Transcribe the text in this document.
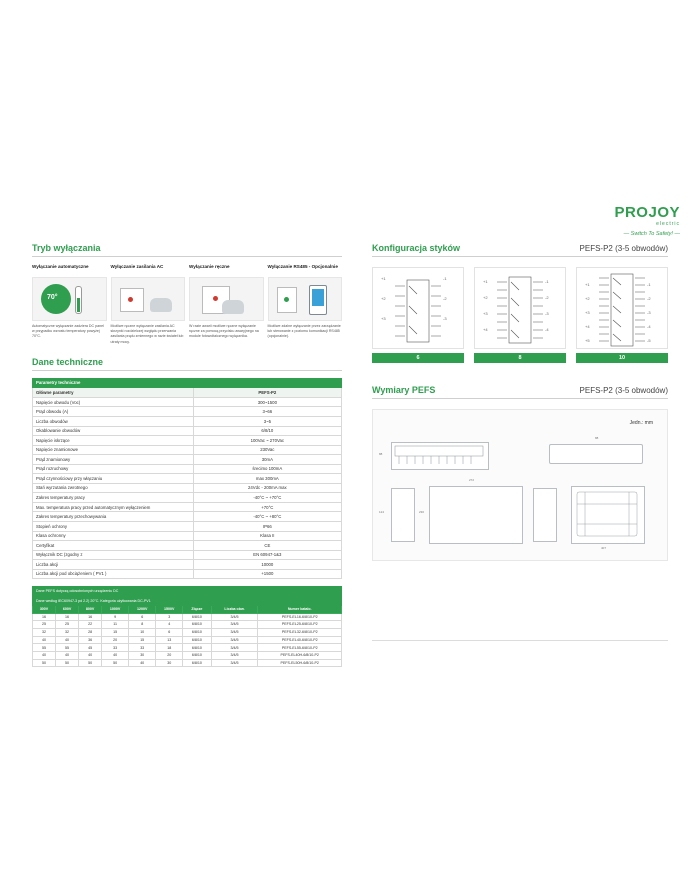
PROJOY
electric
— Switch To Safety! —
Tryb wyłączania
Wyłączanie automatyczne
70°
Automatyczne wyłączanie zadziera DC panel w przypadku wzrostu temperatury powyżej 70°C.
Wyłączanie zasilania AC
Możliwe ręczne wyłączanie zasilania AC skrzynki rozdzielczej względu przerwania zasilania prądu zmiennego w razie świateł lub utraty mocy.
Wyłączanie ręczne
W razie awarii możliwe ręczne wyłączanie ręczne za pomocą przycisku awaryjnego na module fotowoltaicznego wyłącznika.
Wyłączanie RS485 - Opcjonalnie
Możliwe zdalne wyłączanie przez zarządzanie lub sterowanie z poziomu komunikacji RS485 (opcjonalnie).
Dane techniczne
Parametry techniczne	
Główne parametry	PEFS-P2
Napięcie obwodu (Voc)	300~1500
Prąd obwodu (A)	3~66
Liczba obwodów	3~5
Okablowanie obwodów	6/8/10
Napięcie iskrzące	100Vac ~ 270Vac
Napięcie znamionowe	230Vac
Prąd znamionowy	30mA
Prąd rozruchowy	śrecimo 100mA
Prąd czynnościowy przy włączaniu	max 300mA
Stań wyrzutania zwrotnego	24Vdc - 200mA max
Zakres temperatury pracy	-40°C ~ +70°C
Max. temperatura pracy przed automatycznym wyłączeniem	+70°C
Zakres temperatury przechowywania	-40°C ~ +80°C
Stopień ochrony	IP66
Klasa ochronny	Klasa II
Certyfikat	CE
Wyłącznik DC (zgodny z	EN 60947-1&3
Liczba akcji	10000
Liczba akcji pod obciążeniem ( PV1 )	+1500
Dane PEFS dotyczą odosobnionych urządzeniu DC								
Dane według IEC60947-3 pd 2.2) 20°C. Kategoria użytkowania DC-PV1								
300V	600V	800V	1000V	1200V	1500V	Złącze	Liczba obw.	Numer katalo.
16	16	16	9	6	3	6/8/10	3/4/5	PEFS-EL16-6/8/10-P2
25	25	22	11	8	4	6/8/10	3/4/5	PEFS-EL25-6/8/10-P2
32	32	28	15	10	6	6/8/10	3/4/5	PEFS-EL32-6/8/10-P2
40	40	36	20	15	13	6/8/10	3/4/5	PEFS-EL40-6/8/10-P2
55	55	45	33	33	18	6/8/10	3/4/5	PEFS-EL55-6/8/10-P2
40	40	40	40	30	20	6/8/10	3/4/5	PEFS-EL40H-6/8/10-P2
50	50	50	50	40	30	6/8/10	3/4/5	PEFS-EL50H-6/8/10-P2
Konfiguracja styków	PEFS-P2 (3-5 obwodów)
+1	-1
+2	-2
+3	-3
6
+1	-1
+2	-2
+3	-3
+4	-4
8
+1	-1
+2	-2
+3	-3
+4	-4
+5	-5
10
Wymiary PEFS	PEFS-P2 (3-5 obwodów)
Jedn.: mm
88
88
124
272
230
407
